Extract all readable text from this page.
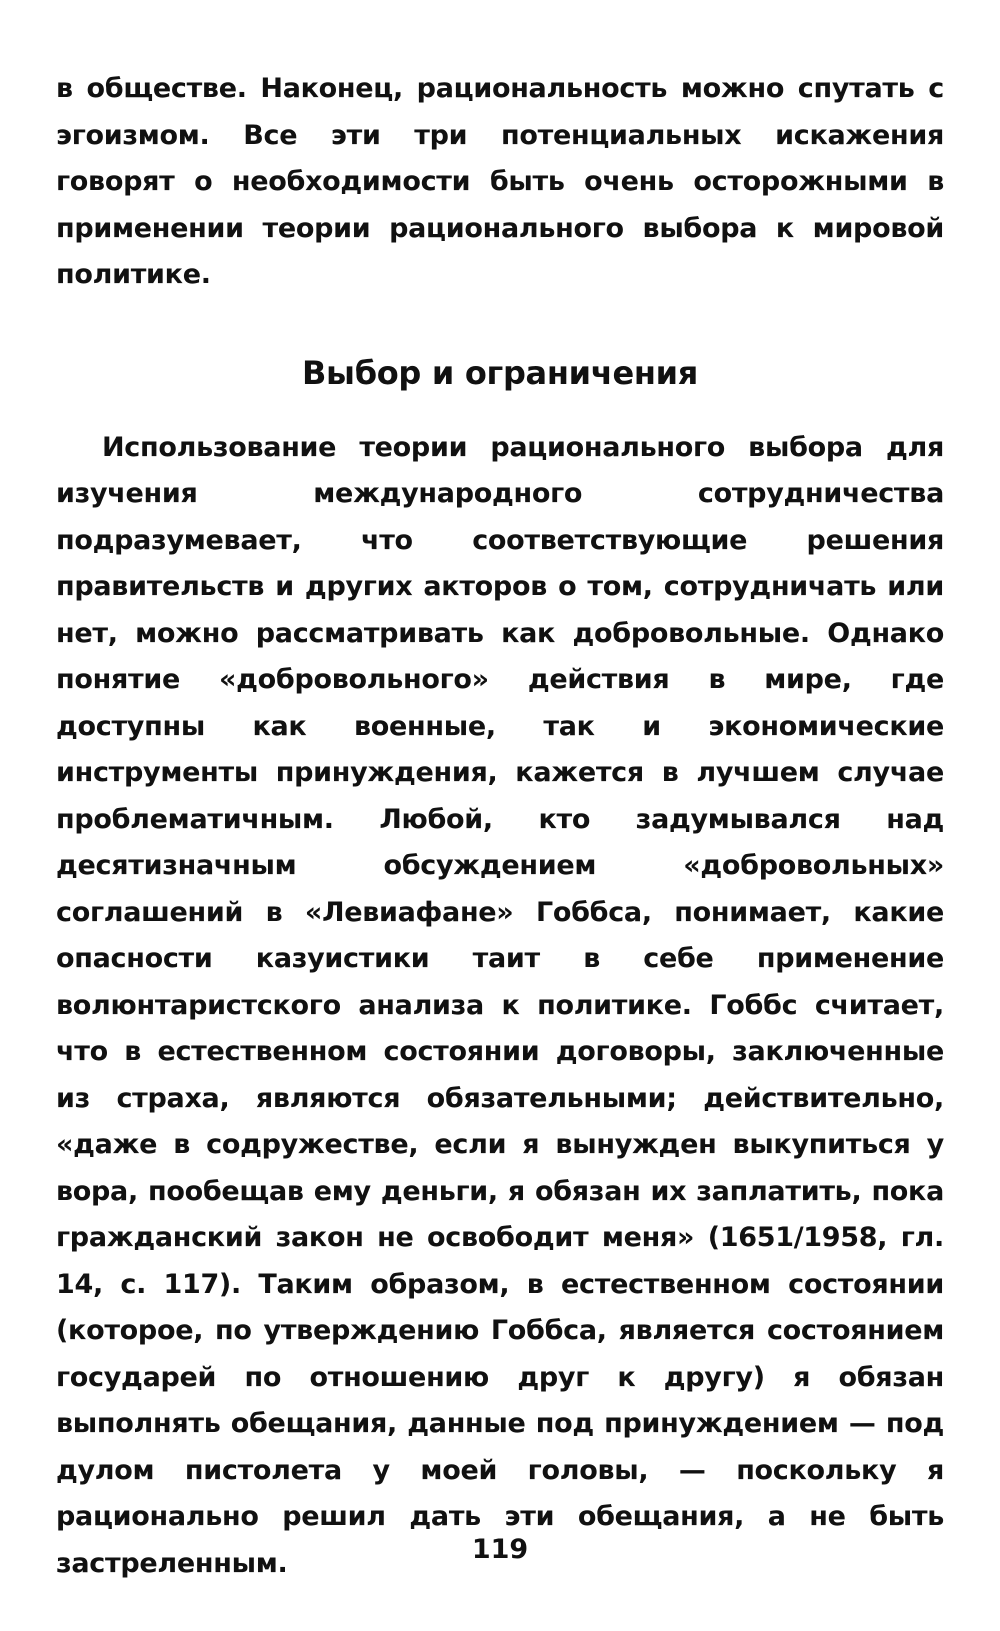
в обществе. Наконец, рациональность можно спутать с эгоизмом. Все эти три потенциальных искажения говорят о необходимости быть очень осторожными в применении теории рационального выбора к мировой политике.

Выбор и ограничения

Использование теории рационального выбора для изучения международного сотрудничества подразумевает, что соответствующие решения правительств и других акторов о том, сотрудничать или нет, можно рассматривать как добровольные. Однако понятие «добровольного» действия в мире, где доступны как военные, так и экономические инструменты принуждения, кажется в лучшем случае проблематичным. Любой, кто задумывался над десятизначным обсуждением «добровольных» соглашений в «Левиафане» Гоббса, понимает, какие опасности казуистики таит в себе применение волюнтаристского анализа к политике. Гоббс считает, что в естественном состоянии договоры, заключенные из страха, являются обязательными; действительно, «даже в содружестве, если я вынужден выкупиться у вора, пообещав ему деньги, я обязан их заплатить, пока гражданский закон не освободит меня» (1651/1958, гл. 14, с. 117). Таким образом, в естественном состоянии (которое, по утверждению Гоббса, является состоянием государей по отношению друг к другу) я обязан выполнять обещания, данные под принуждением — под дулом пистолета у моей головы, — поскольку я рационально решил дать эти обещания, а не быть застреленным.	119
